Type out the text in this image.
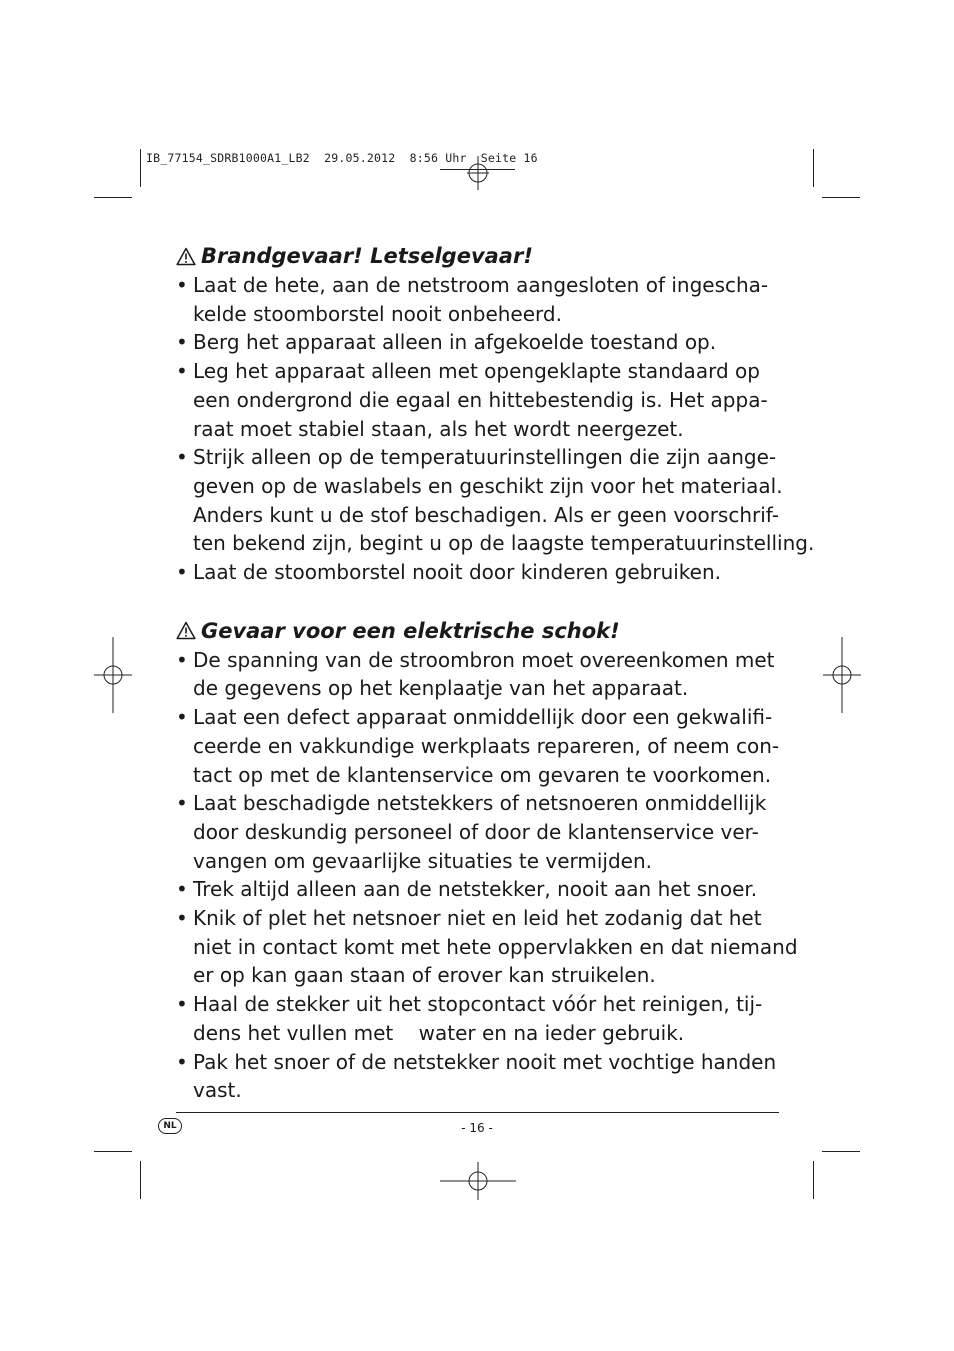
IB_77154_SDRB1000A1_LB2  29.05.2012  8:56 Uhr  Seite 16
Brandgevaar! Letselgevaar!
• Laat de hete, aan de netstroom aangesloten of ingescha-
kelde stoomborstel nooit onbeheerd.
• Berg het apparaat alleen in afgekoelde toestand op.
• Leg het apparaat alleen met opengeklapte standaard op
een ondergrond die egaal en hittebestendig is. Het appa-
raat moet stabiel staan, als het wordt neergezet.
• Strijk alleen op de temperatuurinstellingen die zijn aange-
geven op de waslabels en geschikt zijn voor het materiaal.
Anders kunt u de stof beschadigen. Als er geen voorschrif-
ten bekend zijn, begint u op de laagste temperatuurinstelling.
• Laat de stoomborstel nooit door kinderen gebruiken.
Gevaar voor een elektrische schok!
• De spanning van de stroombron moet overeenkomen met
de gegevens op het kenplaatje van het apparaat.
• Laat een defect apparaat onmiddellijk door een gekwalifi-
ceerde en vakkundige werkplaats repareren, of neem con-
tact op met de klantenservice om gevaren te voorkomen.
• Laat beschadigde netstekkers of netsnoeren onmiddellijk
door deskundig personeel of door de klantenservice ver-
vangen om gevaarlijke situaties te vermijden.
• Trek altijd alleen aan de netstekker, nooit aan het snoer.
• Knik of plet het netsnoer niet en leid het zodanig dat het
niet in contact komt met hete oppervlakken en dat niemand
er op kan gaan staan of erover kan struikelen.
• Haal de stekker uit het stopcontact vóór het reinigen, tij-
dens het vullen met    water en na ieder gebruik.
• Pak het snoer of de netstekker nooit met vochtige handen
vast.
NL	- 16 -
